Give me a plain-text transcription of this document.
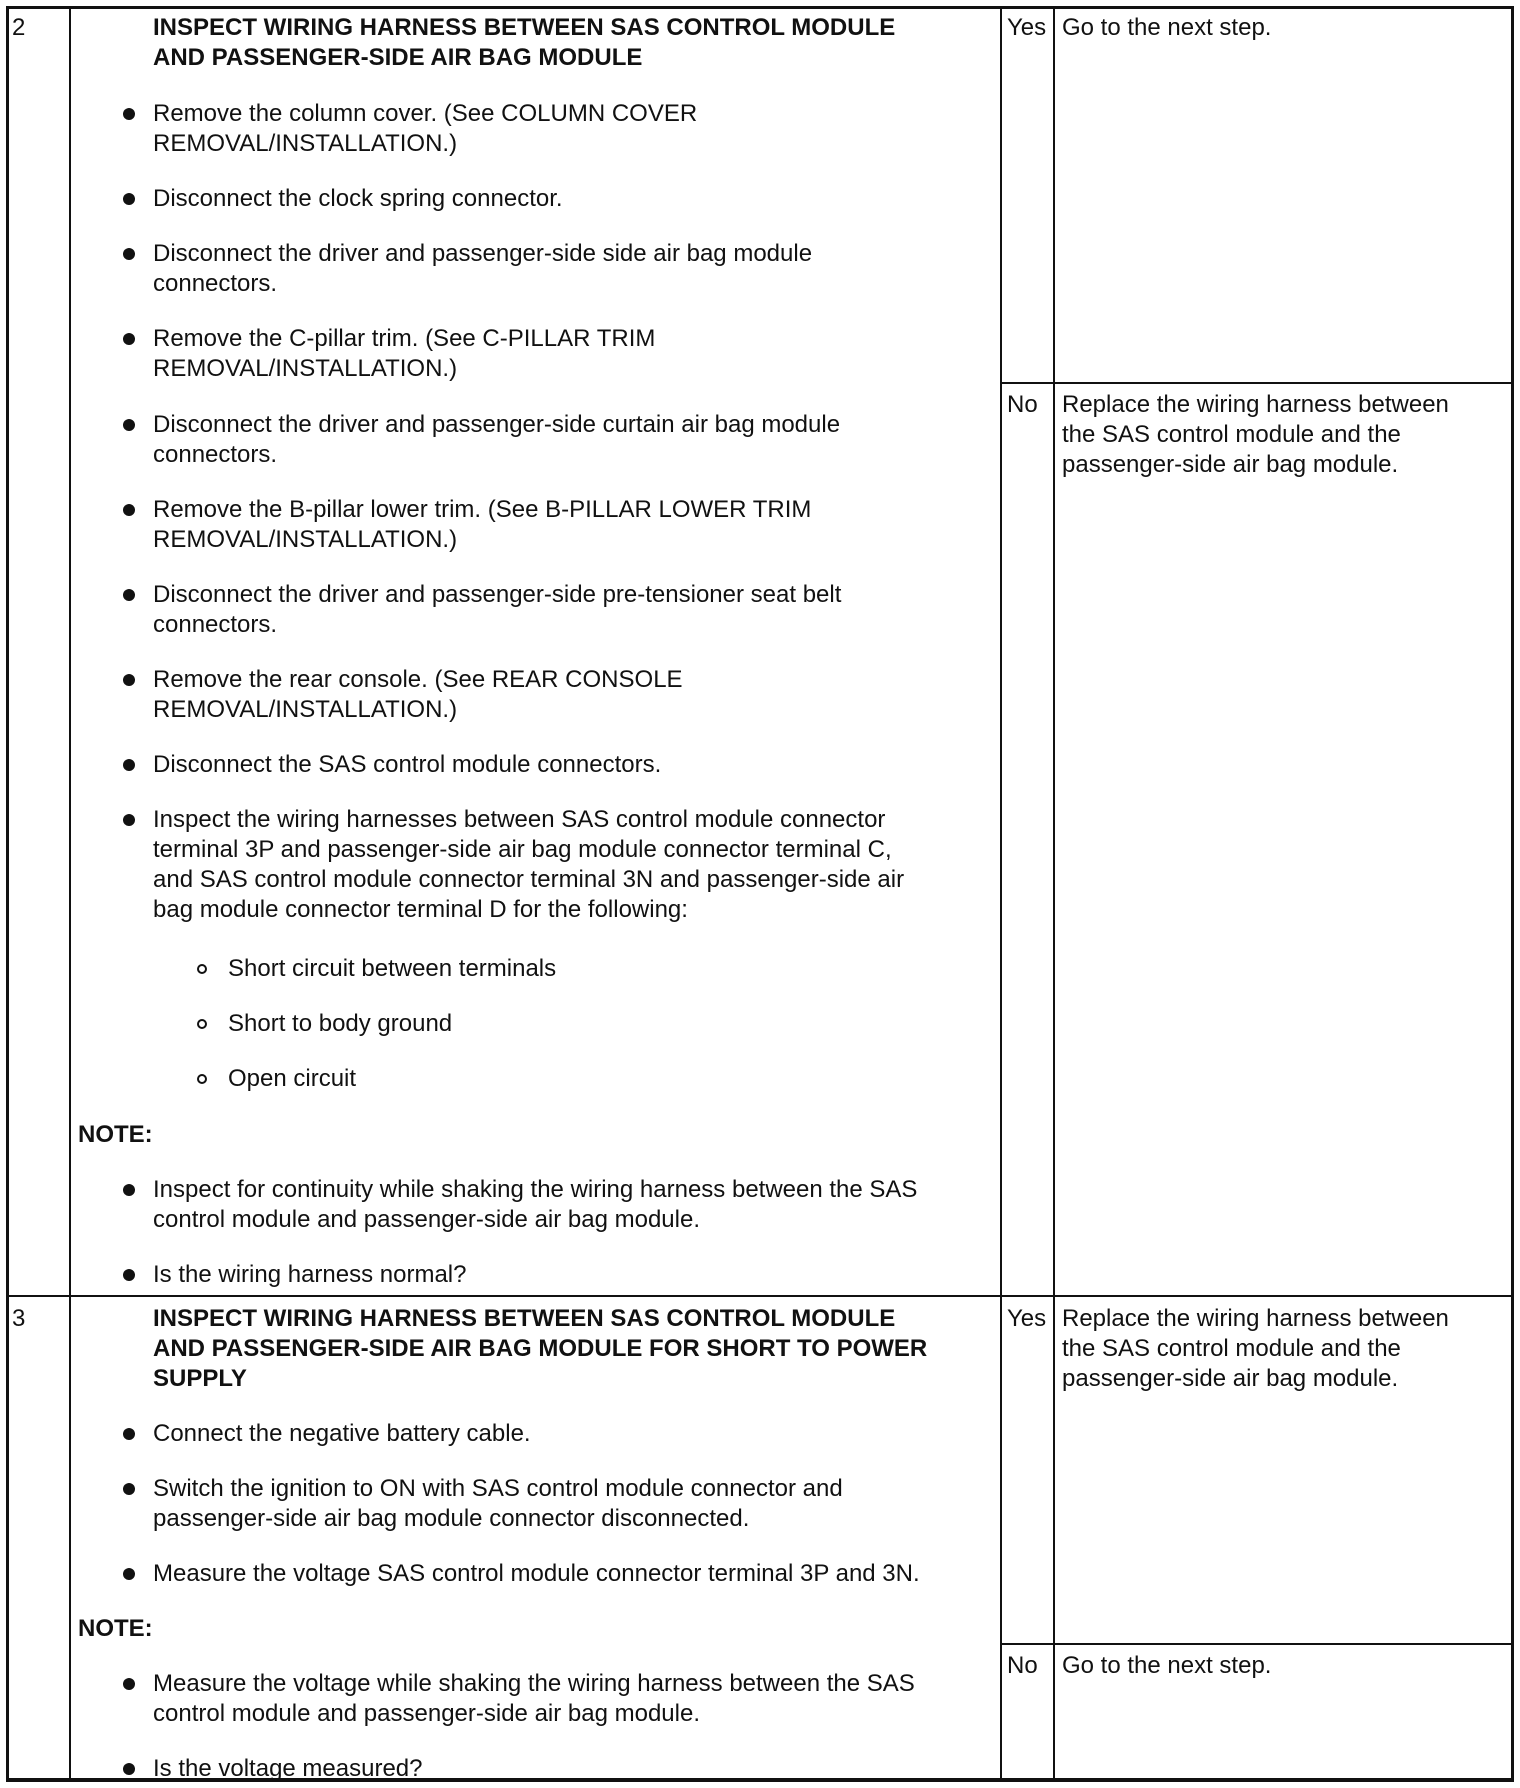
2	INSPECT WIRING HARNESS BETWEEN SAS CONTROL MODULE
AND PASSENGER-SIDE AIR BAG MODULE
Remove the column cover. (See COLUMN COVER
REMOVAL/INSTALLATION.)
Disconnect the clock spring connector.
Disconnect the driver and passenger-side side air bag module
connectors.
Remove the C-pillar trim. (See C-PILLAR TRIM
REMOVAL/INSTALLATION.)
Disconnect the driver and passenger-side curtain air bag module
connectors.
Remove the B-pillar lower trim. (See B-PILLAR LOWER TRIM
REMOVAL/INSTALLATION.)
Disconnect the driver and passenger-side pre-tensioner seat belt
connectors.
Remove the rear console. (See REAR CONSOLE
REMOVAL/INSTALLATION.)
Disconnect the SAS control module connectors.
Inspect the wiring harnesses between SAS control module connector
terminal 3P and passenger-side air bag module connector terminal C,
and SAS control module connector terminal 3N and passenger-side air
bag module connector terminal D for the following:
Short circuit between terminals
Short to body ground
Open circuit
NOTE:
Inspect for continuity while shaking the wiring harness between the SAS
control module and passenger-side air bag module.
Is the wiring harness normal?
Yes Go to the next step.
No Replace the wiring harness between
the SAS control module and the
passenger-side air bag module.
3	INSPECT WIRING HARNESS BETWEEN SAS CONTROL MODULE
AND PASSENGER-SIDE AIR BAG MODULE FOR SHORT TO POWER
SUPPLY
Connect the negative battery cable.
Switch the ignition to ON with SAS control module connector and
passenger-side air bag module connector disconnected.
Measure the voltage SAS control module connector terminal 3P and 3N.
NOTE:
Measure the voltage while shaking the wiring harness between the SAS
control module and passenger-side air bag module.
Is the voltage measured?
Yes Replace the wiring harness between
the SAS control module and the
passenger-side air bag module.
No Go to the next step.
